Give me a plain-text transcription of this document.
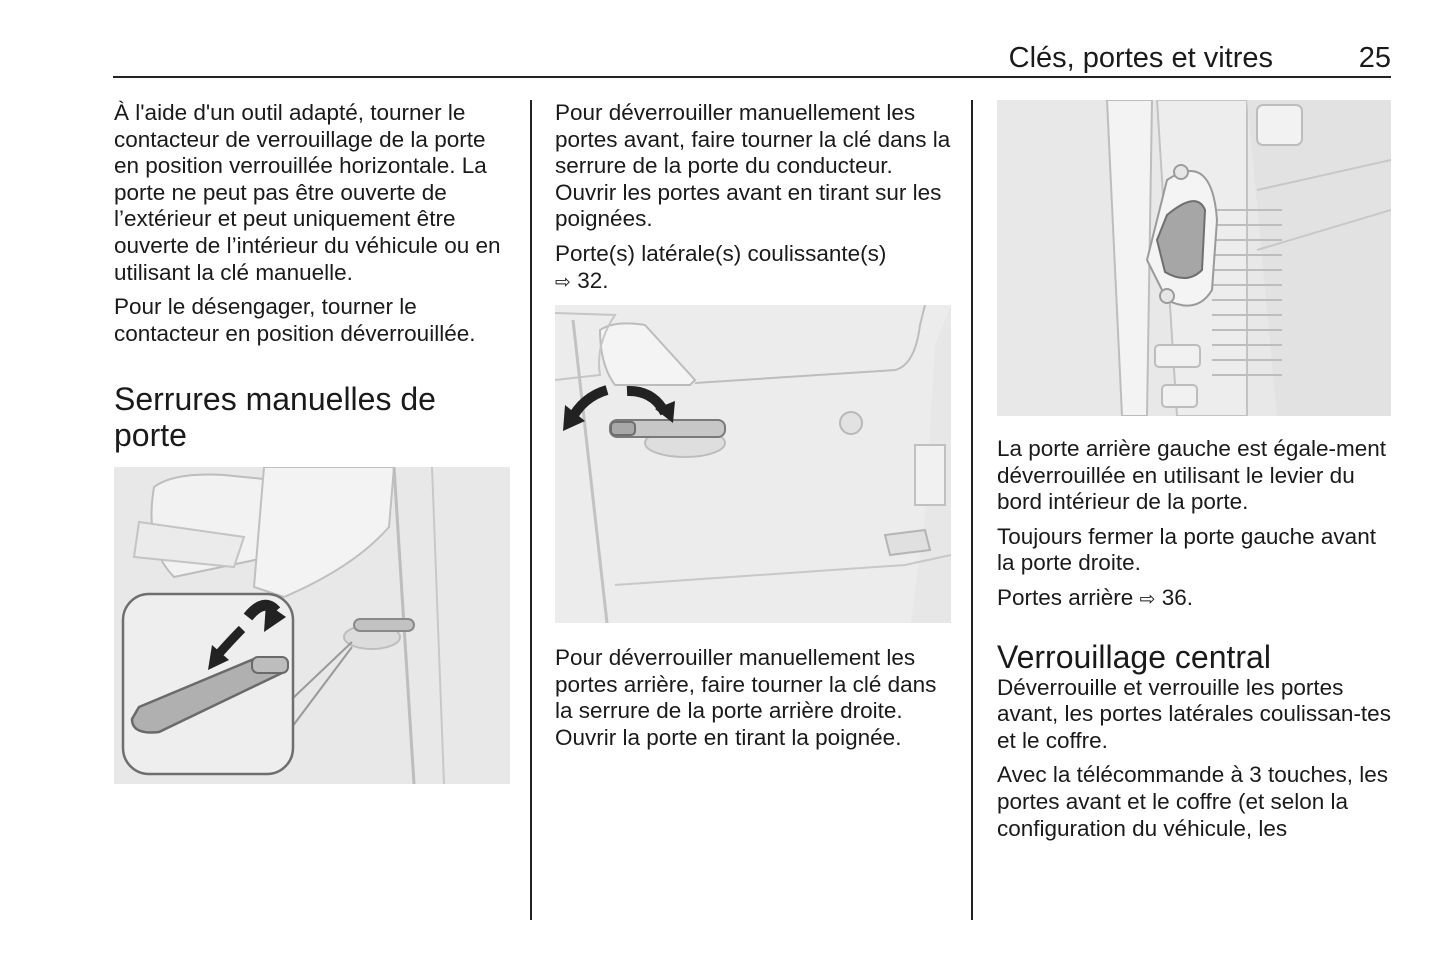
Clés, portes et vitres	25

À l'aide d'un outil adapté, tourner le contacteur de verrouillage de la porte en position verrouillée horizontale. La porte ne peut pas être ouverte de l’extérieur et peut uniquement être ouverte de l’intérieur du véhicule ou en utilisant la clé manuelle.

Pour le désengager, tourner le contacteur en position déverrouillée.

Serrures manuelles de
porte

Pour déverrouiller manuellement les portes avant, faire tourner la clé dans la serrure de la porte du conducteur. Ouvrir les portes avant en tirant sur les poignées.

Porte(s) latérale(s) coulissante(s)
⇨ 32.

Pour déverrouiller manuellement les portes arrière, faire tourner la clé dans la serrure de la porte arrière droite. Ouvrir la porte en tirant la poignée.

La porte arrière gauche est égale-ment déverrouillée en utilisant le levier du bord intérieur de la porte.

Toujours fermer la porte gauche avant la porte droite.

Portes arrière ⇨ 36.

Verrouillage central

Déverrouille et verrouille les portes avant, les portes latérales coulissan-tes et le coffre.

Avec la télécommande à 3 touches, les portes avant et le coffre (et selon la configuration du véhicule, les
